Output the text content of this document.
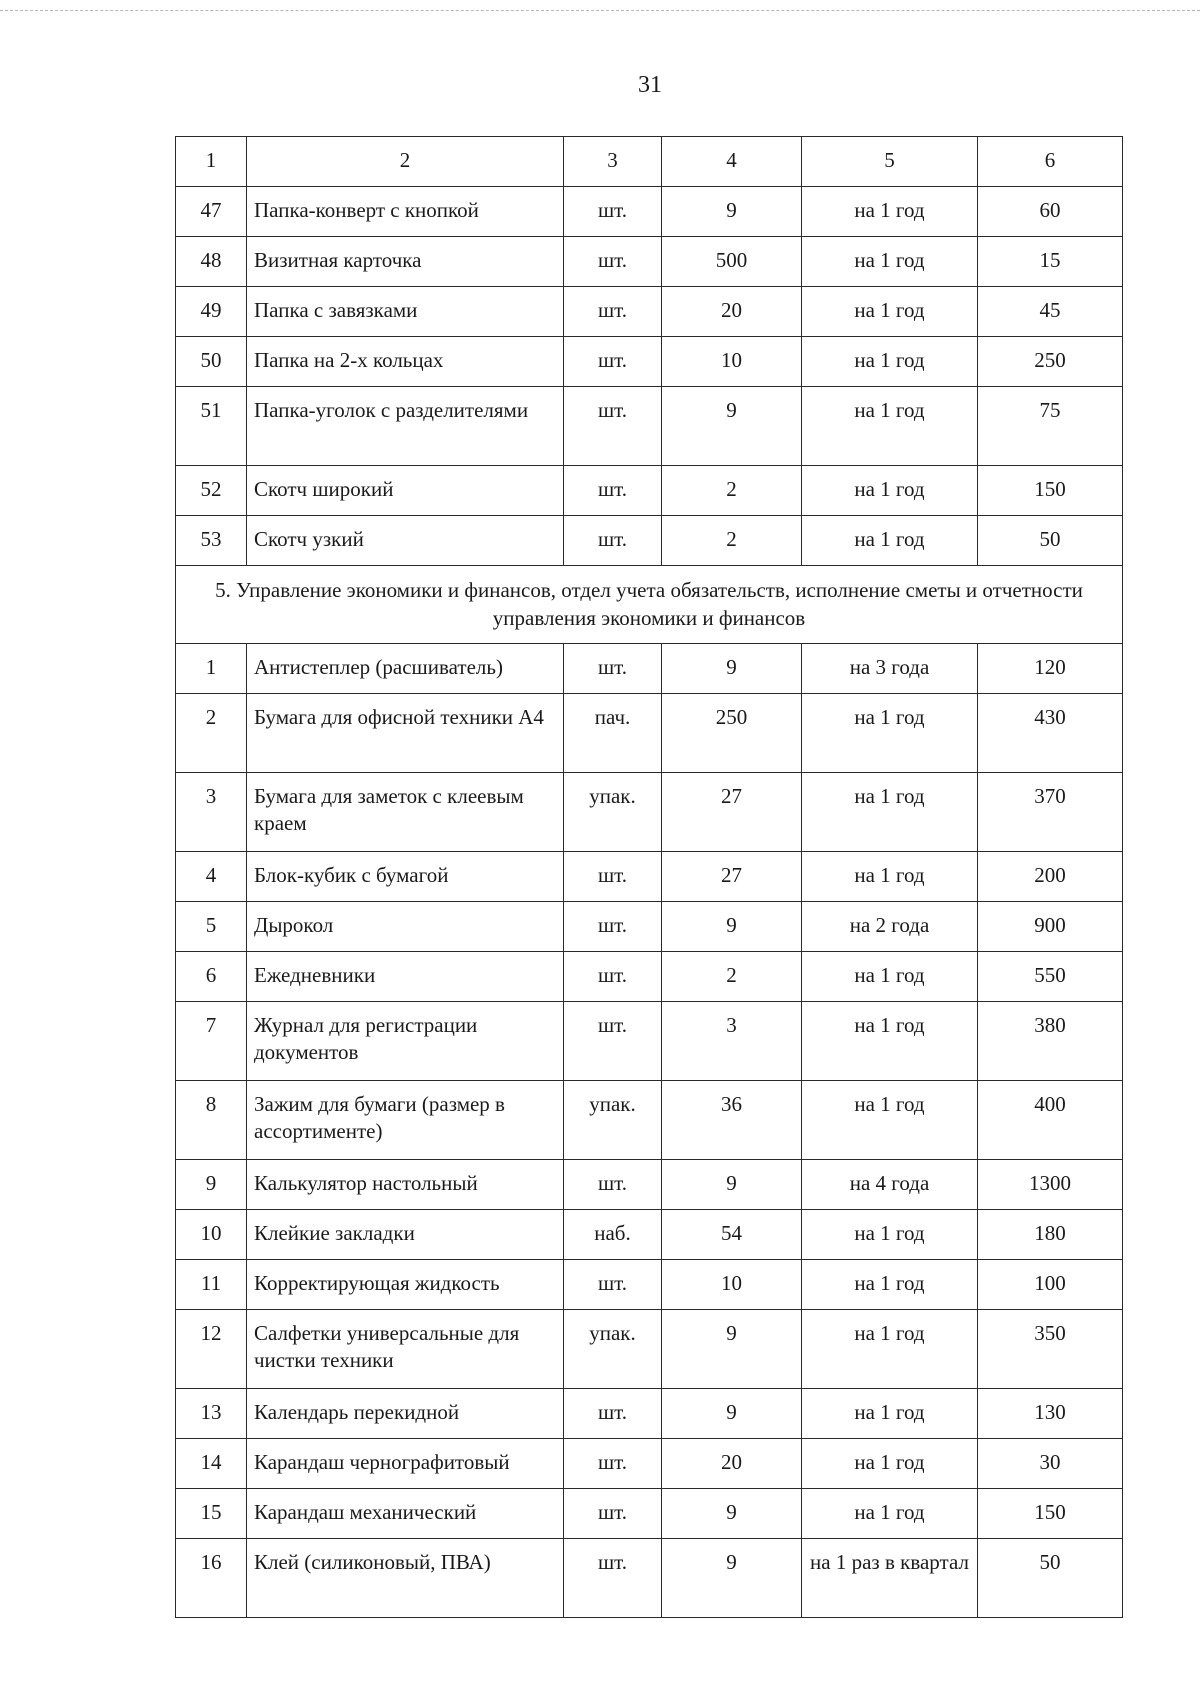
31
1	2	3	4	5	6
47	Папка-конверт с кнопкой	шт.	9	на 1 год	60
48	Визитная карточка	шт.	500	на 1 год	15
49	Папка с завязками	шт.	20	на 1 год	45
50	Папка на 2-х кольцах	шт.	10	на 1 год	250
51	Папка-уголок с разделителями	шт.	9	на 1 год	75
52	Скотч широкий	шт.	2	на 1 год	150
53	Скотч узкий	шт.	2	на 1 год	50
5. Управление экономики и финансов, отдел учета обязательств, исполнение сметы и отчетности управления экономики и финансов					
1	Антистеплер (расшиватель)	шт.	9	на 3 года	120
2	Бумага для офисной техники А4	пач.	250	на 1 год	430
3	Бумага для заметок с клеевым краем	упак.	27	на 1 год	370
4	Блок-кубик с бумагой	шт.	27	на 1 год	200
5	Дырокол	шт.	9	на 2 года	900
6	Ежедневники	шт.	2	на 1 год	550
7	Журнал для регистрации документов	шт.	3	на 1 год	380
8	Зажим для бумаги (размер в ассортименте)	упак.	36	на 1 год	400
9	Калькулятор настольный	шт.	9	на 4 года	1300
10	Клейкие закладки	наб.	54	на 1 год	180
11	Корректирующая жидкость	шт.	10	на 1 год	100
12	Салфетки универсальные для чистки техники	упак.	9	на 1 год	350
13	Календарь перекидной	шт.	9	на 1 год	130
14	Карандаш чернографитовый	шт.	20	на 1 год	30
15	Карандаш механический	шт.	9	на 1 год	150
16	Клей (силиконовый, ПВА)	шт.	9	на 1 раз в квартал	50
